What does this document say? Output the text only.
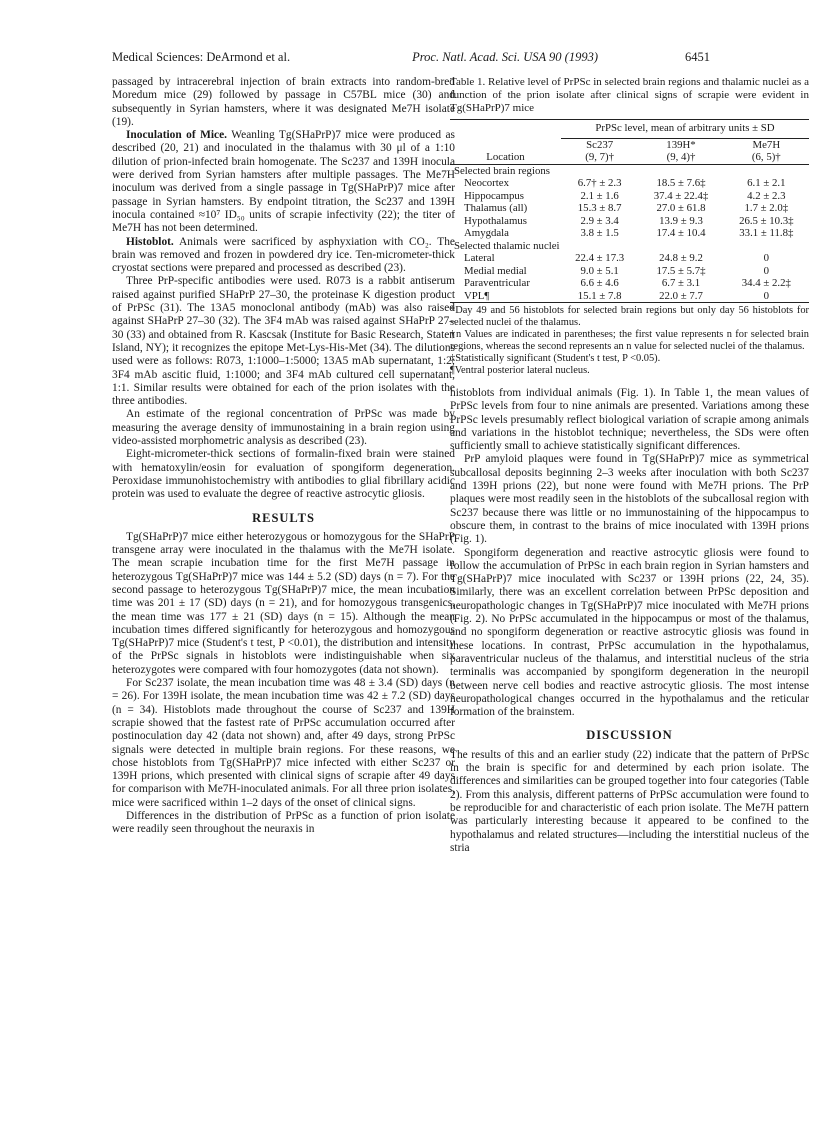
Medical Sciences: DeArmond et al.	Proc. Natl. Acad. Sci. USA 90 (1993)	6451

passaged by intracerebral injection of brain extracts into random-bred Moredum mice (29) followed by passage in C57BL mice (30) and subsequently in Syrian hamsters, where it was designated Me7H isolate (19).

Inoculation of Mice. Weanling Tg(SHaPrP)7 mice were produced as described (20, 21) and inoculated in the thalamus with 30 μl of a 1:10 dilution of prion-infected brain homogenate. The Sc237 and 139H inocula were derived from Syrian hamsters after multiple passages. The Me7H inoculum was derived from a single passage in Tg(SHaPrP)7 mice after passage in Syrian hamsters. By endpoint titration, the Sc237 and 139H inocula contained ≈10⁷ ID₅₀ units of scrapie infectivity (22); the titer of Me7H has not been determined.

Histoblot. Animals were sacrificed by asphyxiation with CO₂. The brain was removed and frozen in powdered dry ice. Ten-micrometer-thick cryostat sections were prepared and processed as described (23).

Three PrP-specific antibodies were used. R073 is a rabbit antiserum raised against purified SHaPrP 27–30, the proteinase K digestion product of PrPSc (31). The 13A5 monoclonal antibody (mAb) was also raised against SHaPrP 27–30 (32). The 3F4 mAb was raised against SHaPrP 27–30 (33) and obtained from R. Kascsak (Institute for Basic Research, Staten Island, NY); it recognizes the epitope Met-Lys-His-Met (34). The dilutions used were as follows: R073, 1:1000–1:5000; 13A5 mAb supernatant, 1:2; 3F4 mAb ascitic fluid, 1:1000; and 3F4 mAb cultured cell supernatant, 1:1. Similar results were obtained for each of the prion isolates with the three antibodies.

An estimate of the regional concentration of PrPSc was made by measuring the average density of immunostaining in a brain region using video-assisted morphometric analysis as described (23).

Eight-micrometer-thick sections of formalin-fixed brain were stained with hematoxylin/eosin for evaluation of spongiform degeneration. Peroxidase immunohistochemistry with antibodies to glial fibrillary acidic protein was used to evaluate the degree of reactive astrocytic gliosis.

RESULTS

Tg(SHaPrP)7 mice either heterozygous or homozygous for the SHaPrP transgene array were inoculated in the thalamus with the Me7H isolate. The mean scrapie incubation time for the first Me7H passage in heterozygous Tg(SHaPrP)7 mice was 144 ± 5.2 (SD) days (n = 7). For the second passage to heterozygous Tg(SHaPrP)7 mice, the mean incubation time was 201 ± 17 (SD) days (n = 21), and for homozygous transgenics, the mean time was 177 ± 21 (SD) days (n = 15). Although the mean incubation times differed significantly for heterozygous and homozygous Tg(SHaPrP)7 mice (Student's t test, P <0.01), the distribution and intensity of the PrPSc signals in histoblots were indistinguishable when six heterozygotes were compared with four homozygotes (data not shown).

For Sc237 isolate, the mean incubation time was 48 ± 3.4 (SD) days (n = 26). For 139H isolate, the mean incubation time was 42 ± 7.2 (SD) days (n = 34). Histoblots made throughout the course of Sc237 and 139H scrapie showed that the fastest rate of PrPSc accumulation occurred after postinoculation day 42 (data not shown) and, after 49 days, strong PrPSc signals were detected in multiple brain regions. For these reasons, we chose histoblots from Tg(SHaPrP)7 mice infected with either Sc237 or 139H prions, which presented with clinical signs of scrapie after 49 days for comparison with Me7H-inoculated animals. For all three prion isolates, mice were sacrificed within 1–2 days of the onset of clinical signs.

Differences in the distribution of PrPSc as a function of prion isolate were readily seen throughout the neuraxis in

Table 1. Relative level of PrPSc in selected brain regions and thalamic nuclei as a function of the prion isolate after clinical signs of scrapie were evident in Tg(SHaPrP)7 mice

	PrPSc level, mean of arbitrary units ± SD		

	Sc237	139H*	Me7H
Location	(9, 7)†	(9, 4)†	(6, 5)†
Selected brain regions			
Neocortex	6.7† ± 2.3	18.5 ± 7.6‡	6.1 ± 2.1
Hippocampus	2.1 ± 1.6	37.4 ± 22.4‡	4.2 ± 2.3
Thalamus (all)	15.3 ± 8.7	27.0 ± 61.8	1.7 ± 2.0‡
Hypothalamus	2.9 ± 3.4	13.9 ± 9.3	26.5 ± 10.3‡
Amygdala	3.8 ± 1.5	17.4 ± 10.4	33.1 ± 11.8‡
Selected thalamic nuclei			
Lateral	22.4 ± 17.3	24.8 ± 9.2	0
Medial medial	9.0 ± 5.1	17.5 ± 5.7‡	0
Paraventricular	6.6 ± 4.6	6.7 ± 3.1	34.4 ± 2.2‡
VPL¶	15.1 ± 7.8	22.0 ± 7.7	0
*Day 49 and 56 histoblots for selected brain regions but only day 56 histoblots for selected nuclei of the thalamus.
†n Values are indicated in parentheses; the first value represents n for selected brain regions, whereas the second represents an n value for selected nuclei of the thalamus.
‡Statistically significant (Student's t test, P <0.05).
¶Ventral posterior lateral nucleus.

histoblots from individual animals (Fig. 1). In Table 1, the mean values of PrPSc levels from four to nine animals are presented. Variations among these PrPSc levels presumably reflect biological variation of scrapie among animals and variations in the histoblot technique; nevertheless, the SDs were often sufficiently small to achieve statistically significant differences.

PrP amyloid plaques were found in Tg(SHaPrP)7 mice as symmetrical subcallosal deposits beginning 2–3 weeks after inoculation with both Sc237 and 139H prions (22), but none were found with Me7H prions. The PrP plaques were most readily seen in the histoblots of the subcallosal region with Sc237 because there was little or no immunostaining of the hippocampus to obscure them, in contrast to the brains of mice inoculated with 139H prions (Fig. 1).

Spongiform degeneration and reactive astrocytic gliosis were found to follow the accumulation of PrPSc in each brain region in Syrian hamsters and Tg(SHaPrP)7 mice inoculated with Sc237 or 139H prions (22, 24, 35). Similarly, there was an excellent correlation between PrPSc deposition and neuropathologic changes in Tg(SHaPrP)7 mice inoculated with Me7H prions (Fig. 2). No PrPSc accumulated in the hippocampus or most of the thalamus, and no spongiform degeneration or reactive astrocytic gliosis was found in these locations. In contrast, PrPSc accumulation in the hypothalamus, paraventricular nucleus of the thalamus, and interstitial nucleus of the stria terminalis was accompanied by spongiform degeneration in the neuropil between nerve cell bodies and reactive astrocytic gliosis. The most intense neuropathological changes occurred in the hypothalamus and the reticular formation of the brainstem.

DISCUSSION

The results of this and an earlier study (22) indicate that the pattern of PrPSc in the brain is specific for and determined by each prion isolate. The differences and similarities can be grouped together into four categories (Table 2). From this analysis, different patterns of PrPSc accumulation were found to be reproducible for and characteristic of each prion isolate. The Me7H pattern was particularly interesting because it appeared to be confined to the hypothalamus and related structures—including the interstitial nucleus of the stria
